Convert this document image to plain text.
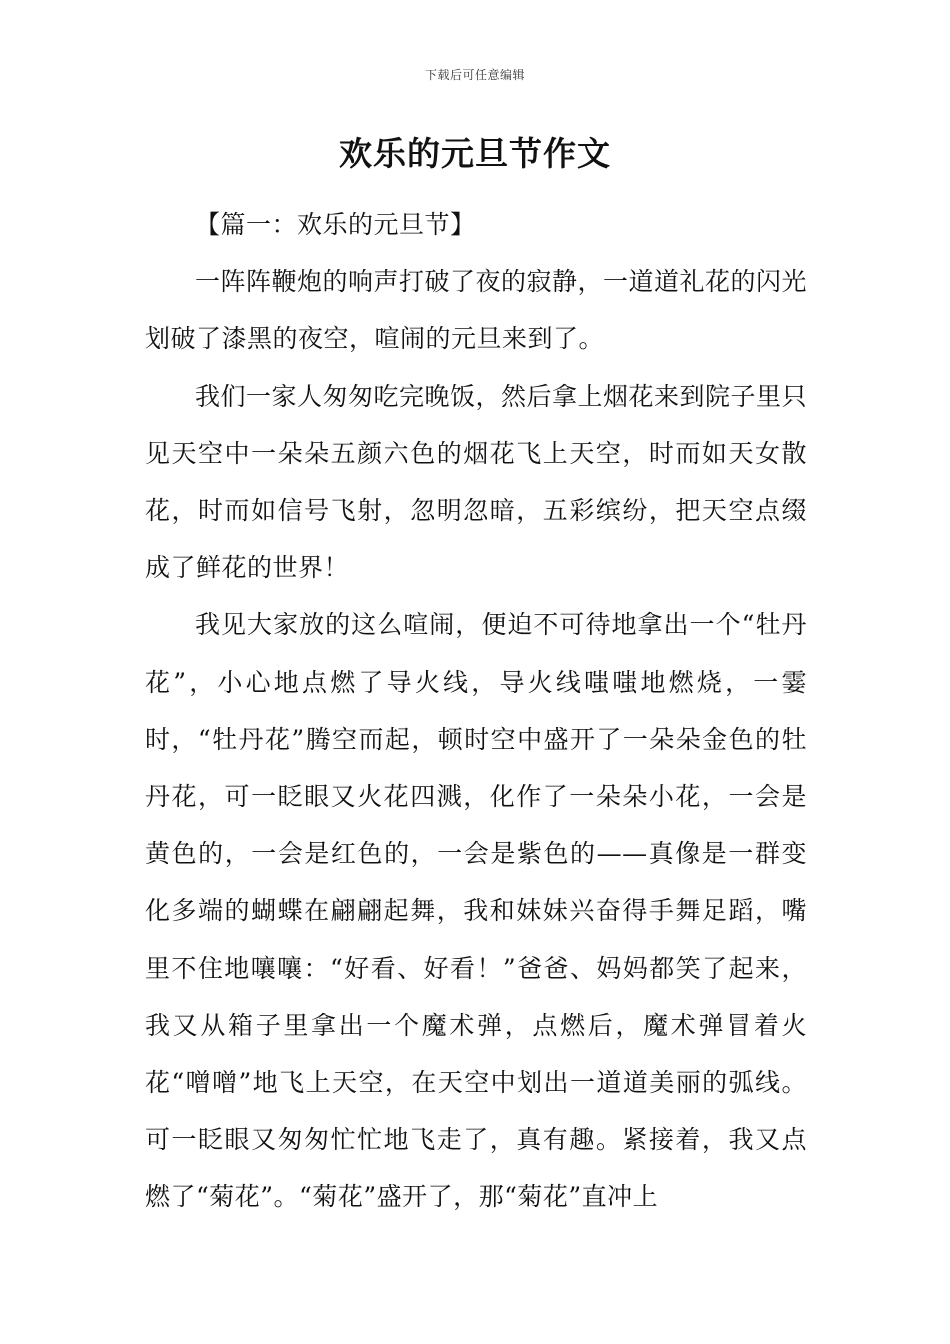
下载后可任意编辑
欢乐的元旦节作文

【篇一：欢乐的元旦节】

一阵阵鞭炮的响声打破了夜的寂静，一道道礼花的闪光划破了漆黑的夜空，喧闹的元旦来到了。

我们一家人匆匆吃完晚饭，然后拿上烟花来到院子里只见天空中一朵朵五颜六色的烟花飞上天空，时而如天女散花，时而如信号飞射，忽明忽暗，五彩缤纷，把天空点缀成了鲜花的世界！

我见大家放的这么喧闹，便迫不可待地拿出一个“牡丹花”，小心地点燃了导火线，导火线嗤嗤地燃烧，一霎时，“牡丹花”腾空而起，顿时空中盛开了一朵朵金色的牡丹花，可一眨眼又火花四溅，化作了一朵朵小花，一会是黄色的，一会是红色的，一会是紫色的——真像是一群变化多端的蝴蝶在翩翩起舞，我和妹妹兴奋得手舞足蹈，嘴里不住地嚷嚷：“好看、好看！”爸爸、妈妈都笑了起来，我又从箱子里拿出一个魔术弹，点燃后，魔术弹冒着火花“噌噌”地飞上天空，在天空中划出一道道美丽的弧线。可一眨眼又匆匆忙忙地飞走了，真有趣。紧接着，我又点燃了“菊花”。“菊花”盛开了，那“菊花”直冲上
